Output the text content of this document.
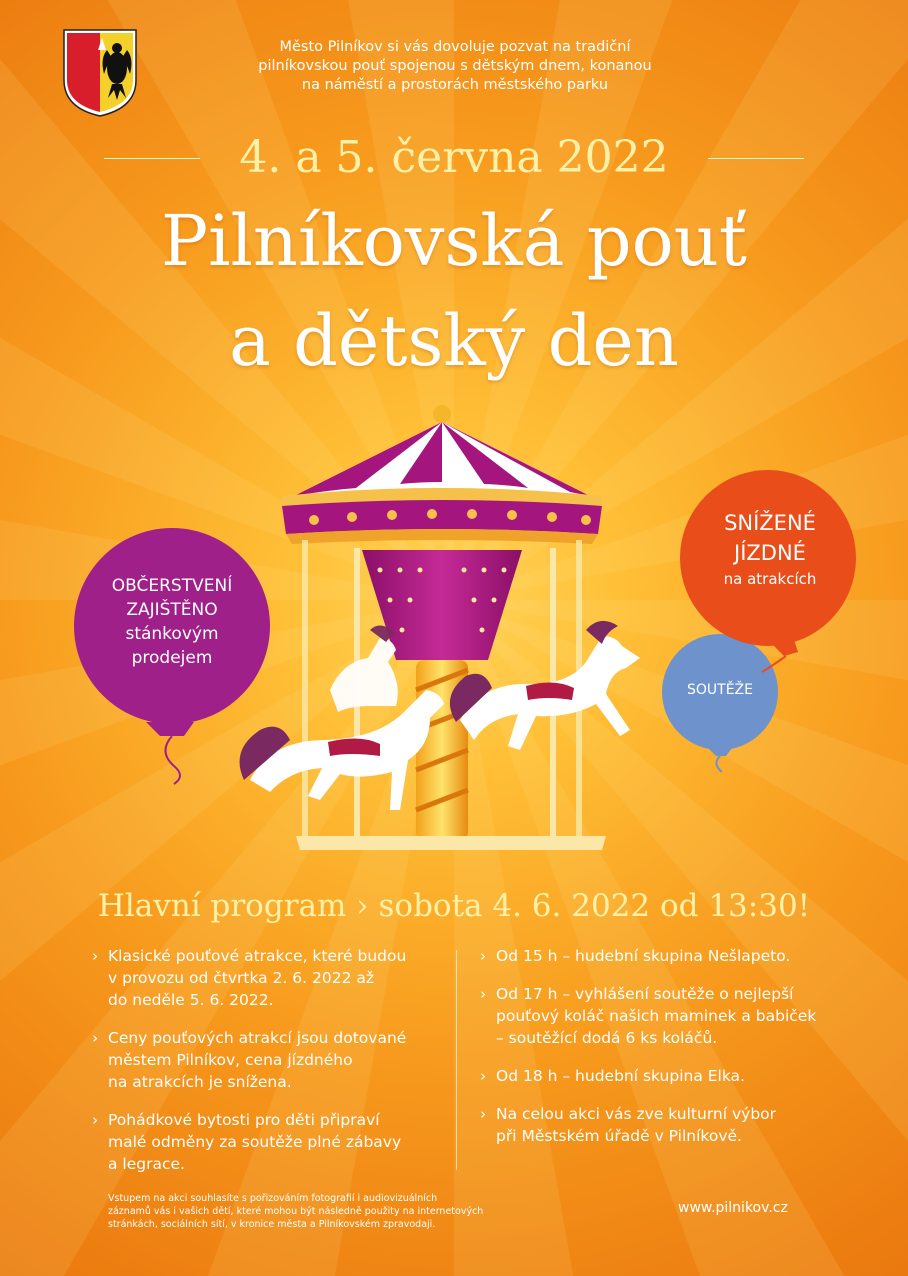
Město Pilníkov si vás dovoluje pozvat na tradiční
pilníkovskou pouť spojenou s dětským dnem, konanou
na náměstí a prostorách městského parku
4. a 5. června 2022
Pilníkovská pouť
a dětský den
OBČERSTVENÍ
ZAJIŠTĚNO
stánkovým
prodejem
SOUTĚŽE
SNÍŽENÉ
JÍZDNÉ
na atrakcích
Hlavní program › sobota 4. 6. 2022 od 13:30!
› Klasické pouťové atrakce, které budou
v provozu od čtvrtka 2. 6. 2022 až
do neděle 5. 6. 2022.
› Ceny pouťových atrakcí jsou dotované
městem Pilníkov, cena jízdného
na atrakcích je snížena.
› Pohádkové bytosti pro děti připraví
malé odměny za soutěže plné zábavy
a legrace.
› Od 15 h – hudební skupina Nešlapeto.
› Od 17 h – vyhlášení soutěže o nejlepší
pouťový koláč našich maminek a babiček
– soutěžící dodá 6 ks koláčů.
› Od 18 h – hudební skupina Elka.
› Na celou akci vás zve kulturní výbor
při Městském úřadě v Pilníkově.
Vstupem na akci souhlasíte s pořizováním fotografií i audiovizuálních
záznamů vás i vašich dětí, které mohou být následně použity na internetových
stránkách, sociálních sítí, v kronice města a Pilníkovském zpravodaji.
www.pilnikov.cz
